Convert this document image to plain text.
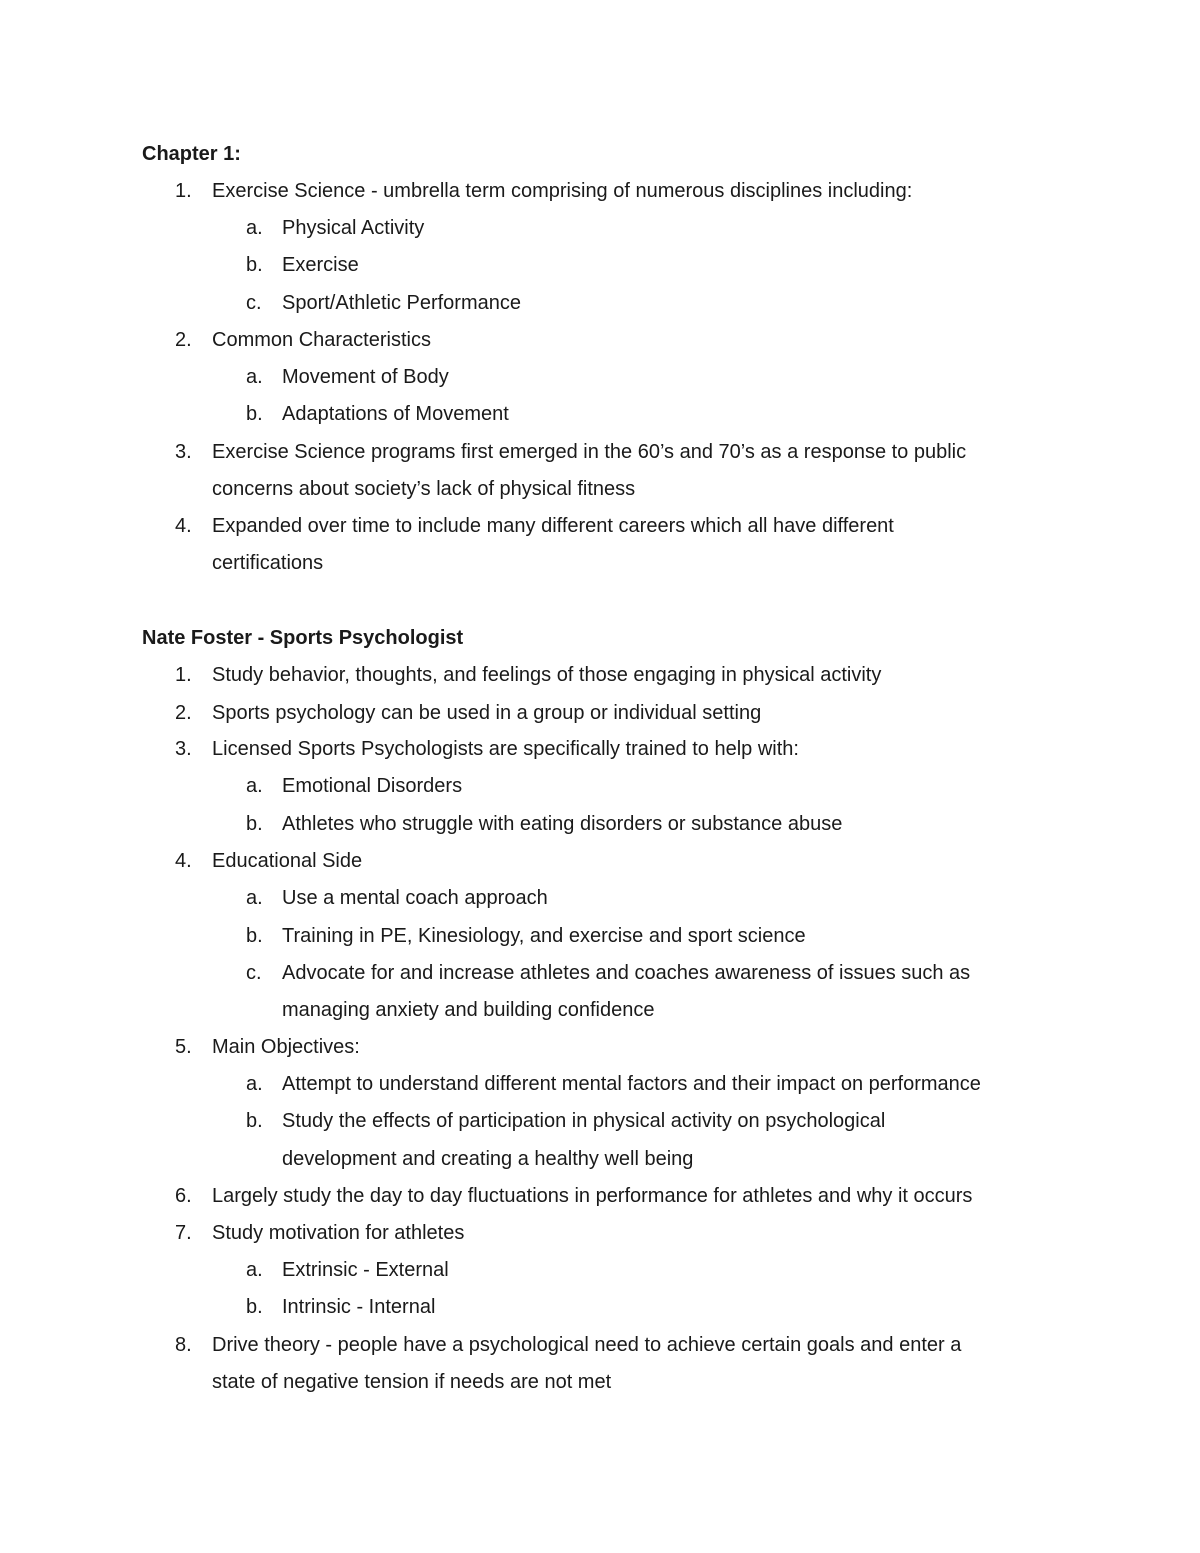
Chapter 1:
1.	Exercise Science - umbrella term comprising of numerous disciplines including:
a. Physical Activity
b. Exercise
c.	Sport/Athletic Performance
2.	Common Characteristics
a. Movement of Body
b. Adaptations of Movement
3.	Exercise Science programs first emerged in the 60’s and 70’s as a response to public
concerns about society’s lack of physical fitness
4.	Expanded over time to include many different careers which all have different
certifications
Nate Foster - Sports Psychologist
1.	Study behavior, thoughts, and feelings of those engaging in physical activity
2.	Sports psychology can be used in a group or individual setting
3.	Licensed Sports Psychologists are specifically trained to help with:
a. Emotional Disorders
b. Athletes who struggle with eating disorders or substance abuse
4.	Educational Side
a. Use a mental coach approach
b. Training in PE, Kinesiology, and exercise and sport science
c.	Advocate for and increase athletes and coaches awareness of issues such as
managing anxiety and building confidence
5.	Main Objectives:
a. Attempt to understand different mental factors and their impact on performance
b. Study the effects of participation in physical activity on psychological
development and creating a healthy well being
6.	Largely study the day to day fluctuations in performance for athletes and why it occurs
7.	Study motivation for athletes
a. Extrinsic - External
b. Intrinsic - Internal
8.	Drive theory - people have a psychological need to achieve certain goals and enter a
state of negative tension if needs are not met
